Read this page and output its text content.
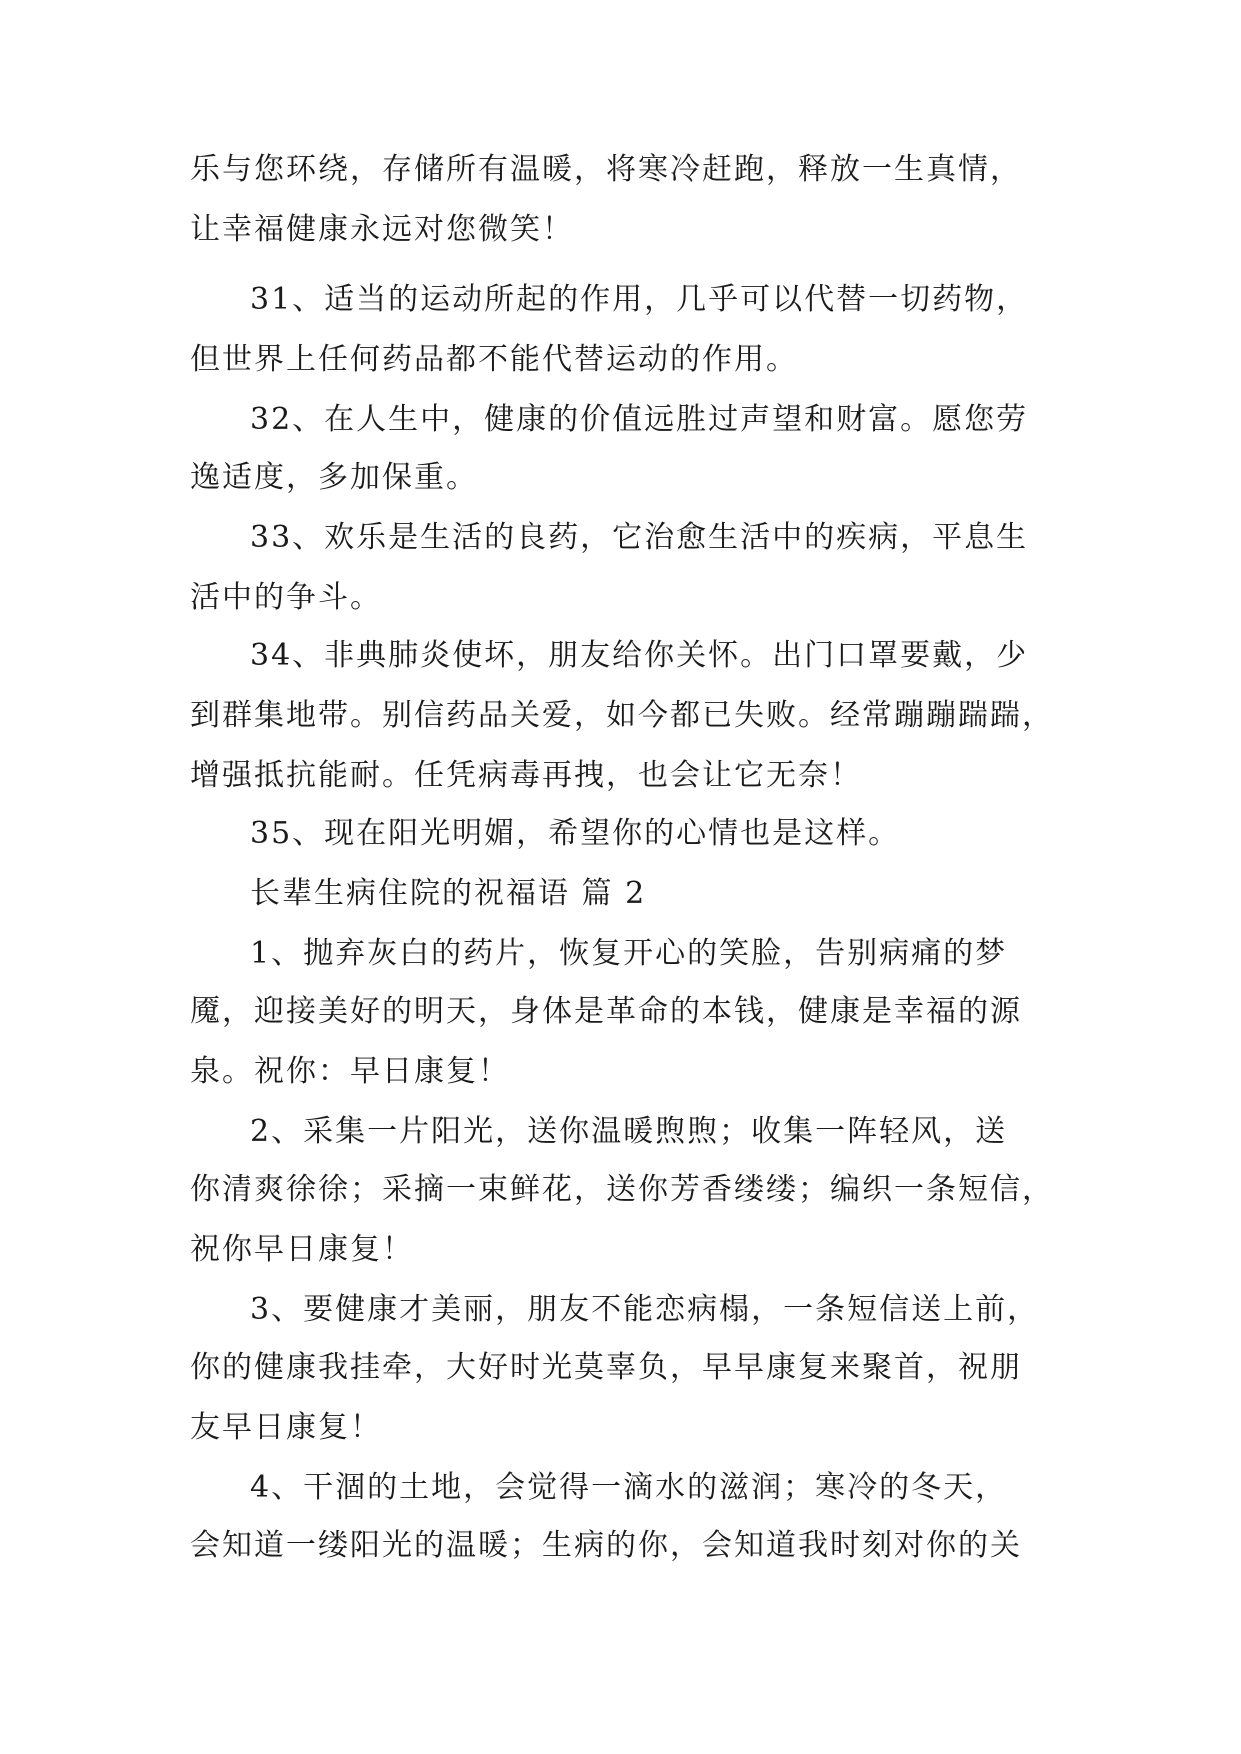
乐与您环绕，存储所有温暖，将寒冷赶跑，释放一生真情，
让幸福健康永远对您微笑！
31、适当的运动所起的作用，几乎可以代替一切药物，
但世界上任何药品都不能代替运动的作用。
32、在人生中，健康的价值远胜过声望和财富。愿您劳
逸适度，多加保重。
33、欢乐是生活的良药，它治愈生活中的疾病，平息生
活中的争斗。
34、非典肺炎使坏，朋友给你关怀。出门口罩要戴，少
到群集地带。别信药品关爱，如今都已失败。经常蹦蹦踹踹，
增强抵抗能耐。任凭病毒再拽，也会让它无奈！
35、现在阳光明媚，希望你的心情也是这样。
长辈生病住院的祝福语 篇 2
1、抛弃灰白的药片，恢复开心的笑脸，告别病痛的梦
魇，迎接美好的明天，身体是革命的本钱，健康是幸福的源
泉。祝你：早日康复！
2、采集一片阳光，送你温暖煦煦；收集一阵轻风，送
你清爽徐徐；采摘一束鲜花，送你芳香缕缕；编织一条短信，
祝你早日康复！
3、要健康才美丽，朋友不能恋病榻，一条短信送上前，
你的健康我挂牵，大好时光莫辜负，早早康复来聚首，祝朋
友早日康复！
4、干涸的土地，会觉得一滴水的滋润；寒冷的冬天，
会知道一缕阳光的温暖；生病的你，会知道我时刻对你的关
